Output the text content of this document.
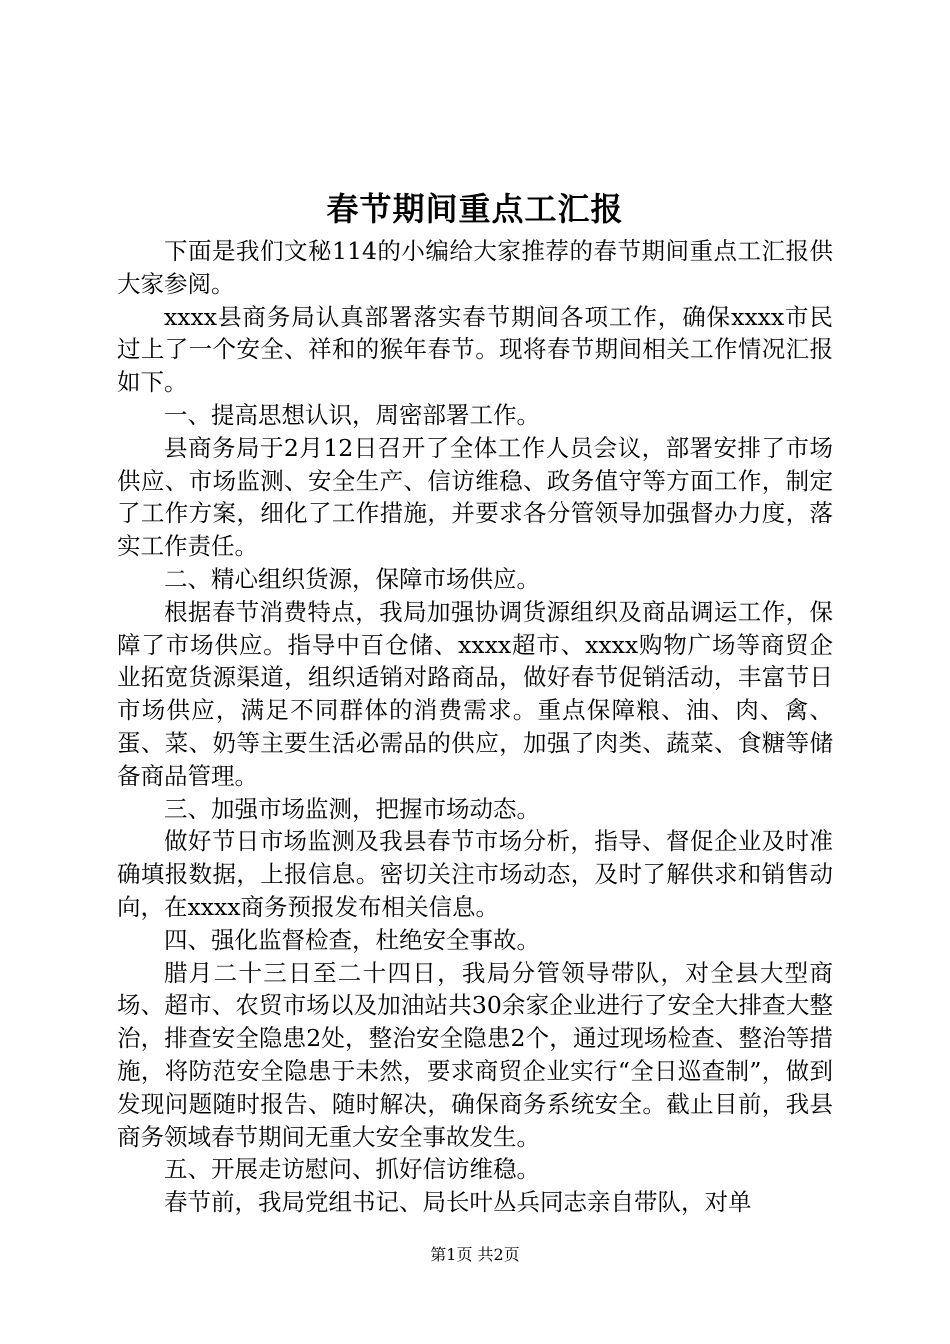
春节期间重点工汇报

下面是我们文秘114的小编给大家推荐的春节期间重点工汇报供大家参阅。

xxxx县商务局认真部署落实春节期间各项工作，确保xxxx市民过上了一个安全、祥和的猴年春节。现将春节期间相关工作情况汇报如下。

一、提高思想认识，周密部署工作。

县商务局于2月12日召开了全体工作人员会议，部署安排了市场供应、市场监测、安全生产、信访维稳、政务值守等方面工作，制定了工作方案，细化了工作措施，并要求各分管领导加强督办力度，落实工作责任。

二、精心组织货源，保障市场供应。

根据春节消费特点，我局加强协调货源组织及商品调运工作，保障了市场供应。指导中百仓储、xxxx超市、xxxx购物广场等商贸企业拓宽货源渠道，组织适销对路商品，做好春节促销活动，丰富节日市场供应，满足不同群体的消费需求。重点保障粮、油、肉、禽、蛋、菜、奶等主要生活必需品的供应，加强了肉类、蔬菜、食糖等储备商品管理。

三、加强市场监测，把握市场动态。

做好节日市场监测及我县春节市场分析，指导、督促企业及时准确填报数据，上报信息。密切关注市场动态，及时了解供求和销售动向，在xxxx商务预报发布相关信息。

四、强化监督检查，杜绝安全事故。

腊月二十三日至二十四日，我局分管领导带队，对全县大型商场、超市、农贸市场以及加油站共30余家企业进行了安全大排查大整治，排查安全隐患2处，整治安全隐患2个，通过现场检查、整治等措施，将防范安全隐患于未然，要求商贸企业实行“全日巡查制”，做到发现问题随时报告、随时解决，确保商务系统安全。截止目前，我县商务领域春节期间无重大安全事故发生。

五、开展走访慰问、抓好信访维稳。

春节前，我局党组书记、局长叶丛兵同志亲自带队，对单

第1页 共2页
